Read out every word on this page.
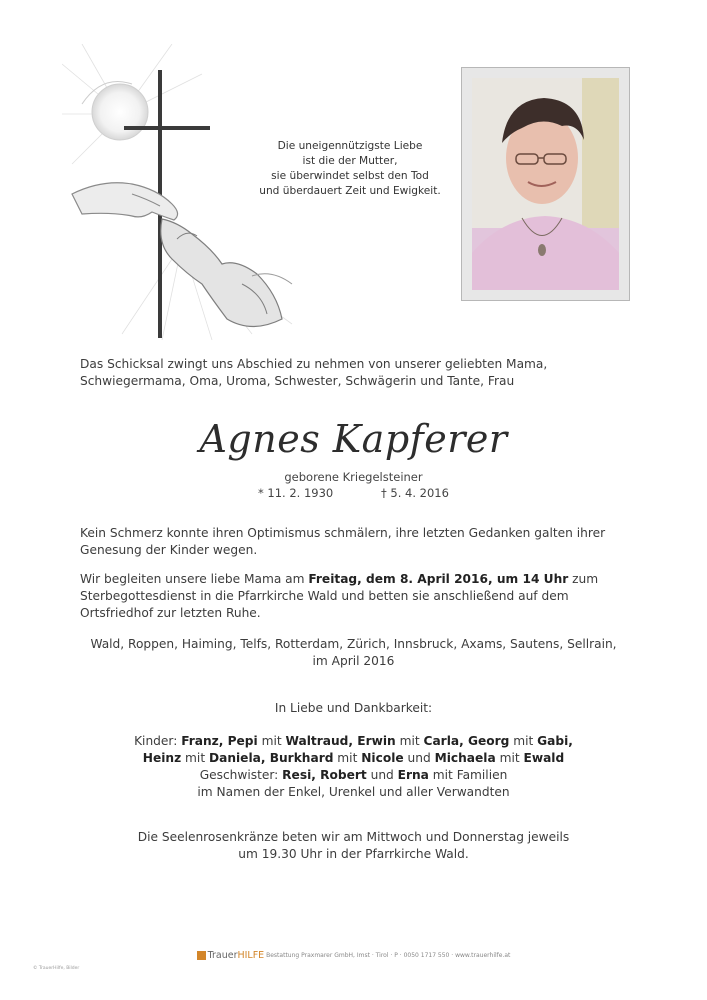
Die uneigennützigste Liebe
ist die der Mutter,
sie überwindet selbst den Tod
und überdauert Zeit und Ewigkeit.
Das Schicksal zwingt uns Abschied zu nehmen von unserer geliebten Mama, Schwiegermama, Oma, Uroma, Schwester, Schwägerin und Tante, Frau
Agnes Kapferer
geborene Kriegelsteiner
* 11. 2. 1930	† 5. 4. 2016
Kein Schmerz konnte ihren Optimismus schmälern, ihre letzten Gedanken galten ihrer Genesung der Kinder wegen.
Wir begleiten unsere liebe Mama am Freitag, dem 8. April 2016, um 14 Uhr zum Sterbegottesdienst in die Pfarrkirche Wald und betten sie anschließend auf dem Ortsfriedhof zur letzten Ruhe.
Wald, Roppen, Haiming, Telfs, Rotterdam, Zürich, Innsbruck, Axams, Sautens, Sellrain,
im April 2016
In Liebe und Dankbarkeit:
Kinder: Franz, Pepi mit Waltraud, Erwin mit Carla, Georg mit Gabi,
Heinz mit Daniela, Burkhard mit Nicole und Michaela mit Ewald
Geschwister: Resi, Robert und Erna mit Familien
im Namen der Enkel, Urenkel und aller Verwandten
Die Seelenrosenkränze beten wir am Mittwoch und Donnerstag jeweils
um 19.30 Uhr in der Pfarrkirche Wald.
TrauerHILFE Bestattung Praxmarer GmbH, Imst · Tirol · P · 0050 1717 550 · www.trauerhilfe.at
© TrauerHilfe, Bilder
